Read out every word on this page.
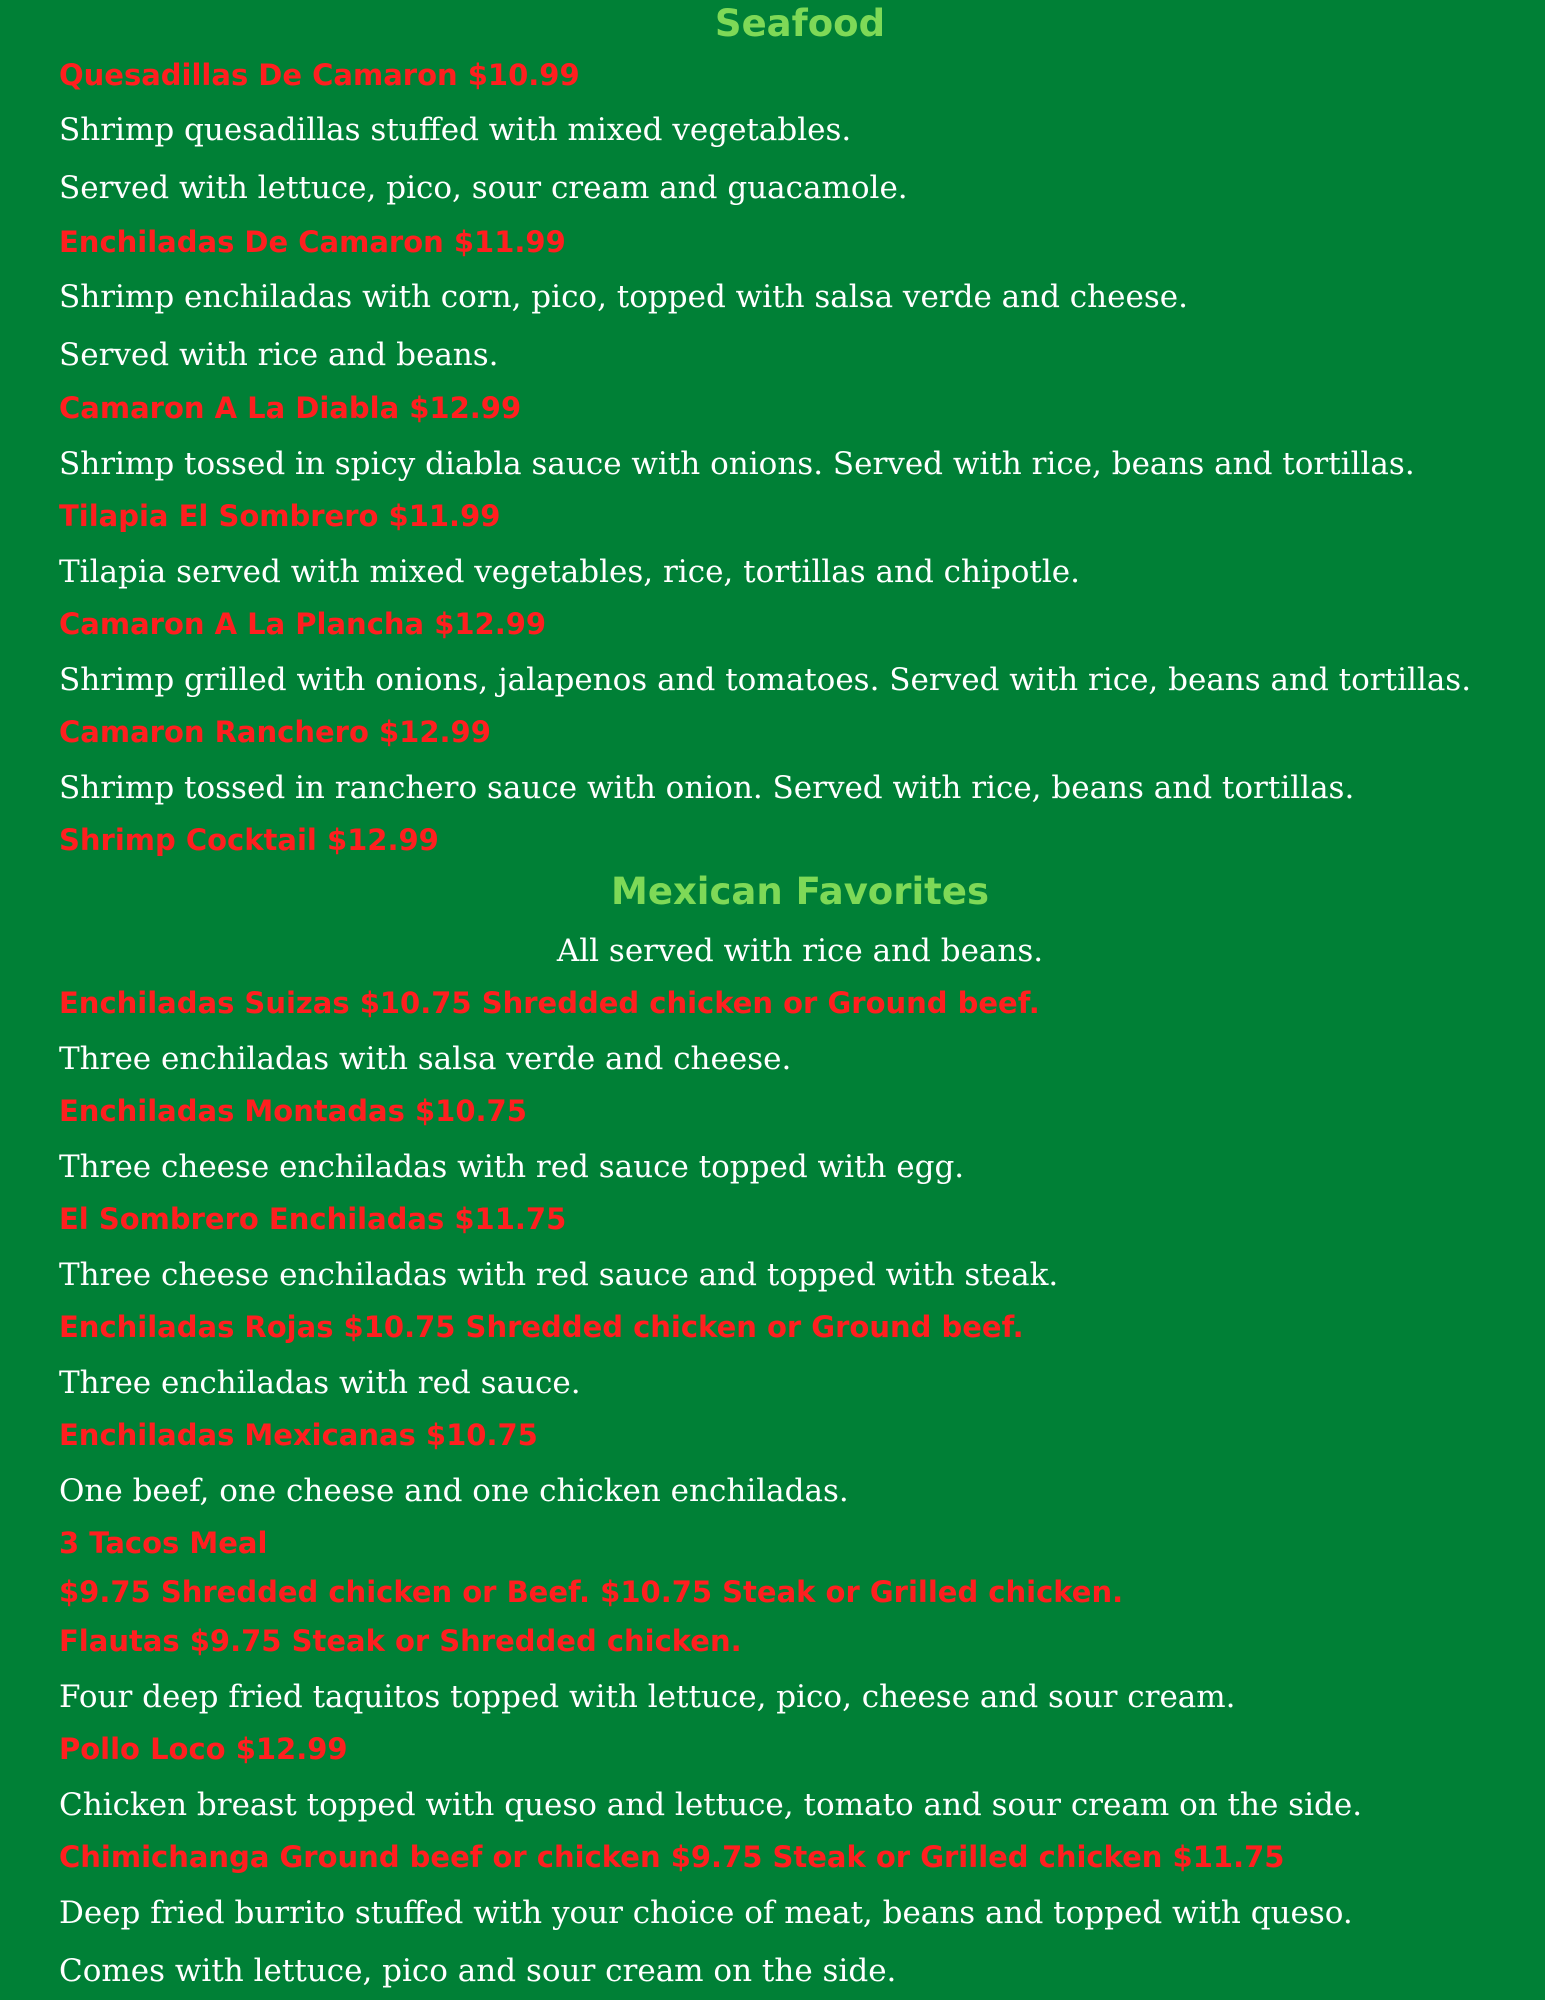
Seafood
Quesadillas De Camaron $10.99
Shrimp quesadillas stuffed with mixed vegetables.
Served with lettuce, pico, sour cream and guacamole.
Enchiladas De Camaron $11.99
Shrimp enchiladas with corn, pico, topped with salsa verde and cheese.
Served with rice and beans.
Camaron A La Diabla $12.99
Shrimp tossed in spicy diabla sauce with onions. Served with rice, beans and tortillas.
Tilapia El Sombrero $11.99
Tilapia served with mixed vegetables, rice, tortillas and chipotle.
Camaron A La Plancha $12.99
Shrimp grilled with onions, jalapenos and tomatoes. Served with rice, beans and tortillas.
Camaron Ranchero $12.99
Shrimp tossed in ranchero sauce with onion. Served with rice, beans and tortillas.
Shrimp Cocktail $12.99
Mexican Favorites
All served with rice and beans.
Enchiladas Suizas $10.75 Shredded chicken or Ground beef.
Three enchiladas with salsa verde and cheese.
Enchiladas Montadas $10.75
Three cheese enchiladas with red sauce topped with egg.
El Sombrero Enchiladas $11.75
Three cheese enchiladas with red sauce and topped with steak.
Enchiladas Rojas $10.75 Shredded chicken or Ground beef.
Three enchiladas with red sauce.
Enchiladas Mexicanas $10.75
One beef, one cheese and one chicken enchiladas.
3 Tacos Meal
$9.75 Shredded chicken or Beef. $10.75 Steak or Grilled chicken.
Flautas $9.75 Steak or Shredded chicken.
Four deep fried taquitos topped with lettuce, pico, cheese and sour cream.
Pollo Loco $12.99
Chicken breast topped with queso and lettuce, tomato and sour cream on the side.
Chimichanga Ground beef or chicken $9.75 Steak or Grilled chicken $11.75
Deep fried burrito stuffed with your choice of meat, beans and topped with queso.
Comes with lettuce, pico and sour cream on the side.
